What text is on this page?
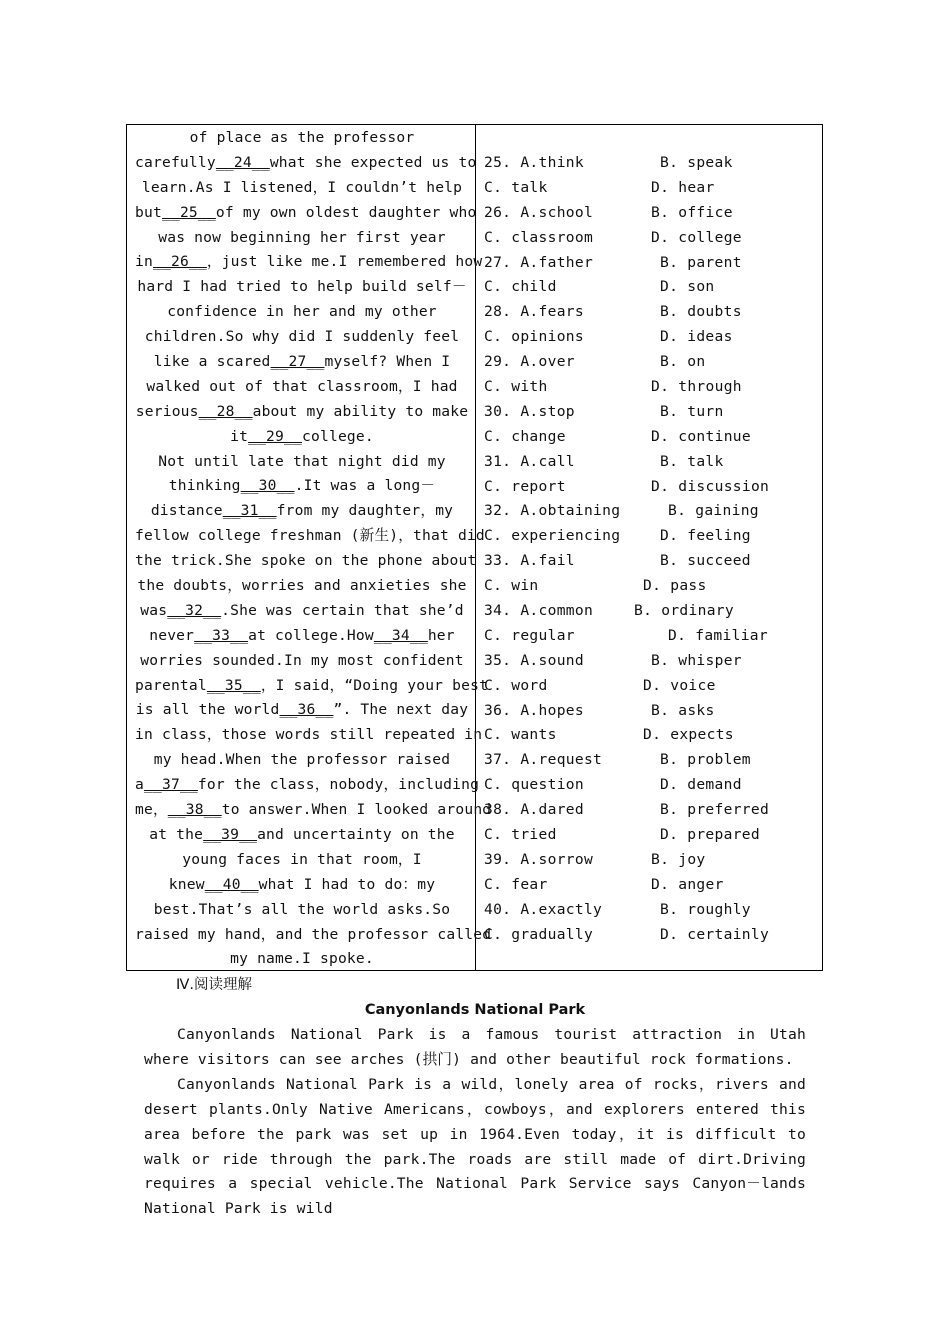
of place as the professor
carefully__24__what she expected us to
learn.As I listened，I couldn’t help
but__25__of my own oldest daughter who
was now beginning her first year
in__26__，just like me.I remembered how
hard I had tried to help build self－
confidence in her and my other
children.So why did I suddenly feel
like a scared__27__myself? When I
walked out of that classroom，I had
serious__28__about my ability to make
it__29__college.
Not until late that night did my
thinking__30__.It was a long－
distance__31__from my daughter，my
fellow college freshman (新生)，that did
the trick.She spoke on the phone about
the doubts，worries and anxieties she
was__32__.She was certain that she’d
never__33__at college.How__34__her
worries sounded.In my most confident
parental__35__，I said，“Doing your best
is all the world__36__”. The next day
in class，those words still repeated in
my head.When the professor raised
a__37__for the class，nobody，including
me，__38__to answer.When I looked around
at the__39__and uncertainty on the
young faces in that room，I
knew__40__what I had to do：my
best.That’s all the world asks.So
raised my hand，and the professor called
my name.I spoke.
25. A.think	B. speak
C. talk	D. hear
26. A.school	B. office
C. classroom	D. college
27. A.father	B. parent
C. child	D. son
28. A.fears	B. doubts
C. opinions	D. ideas
29. A.over	B. on
C. with	D. through
30. A.stop	B. turn
C. change	D. continue
31. A.call	B. talk
C. report	D. discussion
32. A.obtaining	B. gaining
C. experiencing	D. feeling
33. A.fail	B. succeed
C. win	D. pass
34. A.common	B. ordinary
C. regular	D. familiar
35. A.sound	B. whisper
C. word	D. voice
36. A.hopes	B. asks
C. wants	D. expects
37. A.request	B. problem
C. question	D. demand
38. A.dared	B. preferred
C. tried	D. prepared
39. A.sorrow	B. joy
C. fear	D. anger
40. A.exactly	B. roughly
C. gradually	D. certainly
Ⅳ.阅读理解
Canyonlands National Park

Canyonlands National Park is a famous tourist attraction in Utah where visitors can see arches (拱门) and other beautiful rock formations.

Canyonlands National Park is a wild，lonely area of rocks，rivers and desert plants.Only Native Americans，cowboys，and explorers entered this area before the park was set up in 1964.Even today，it is difficult to walk or ride through the park.The roads are still made of dirt.Driving requires a special vehicle.The National Park Service says Canyon－lands National Park is wild
